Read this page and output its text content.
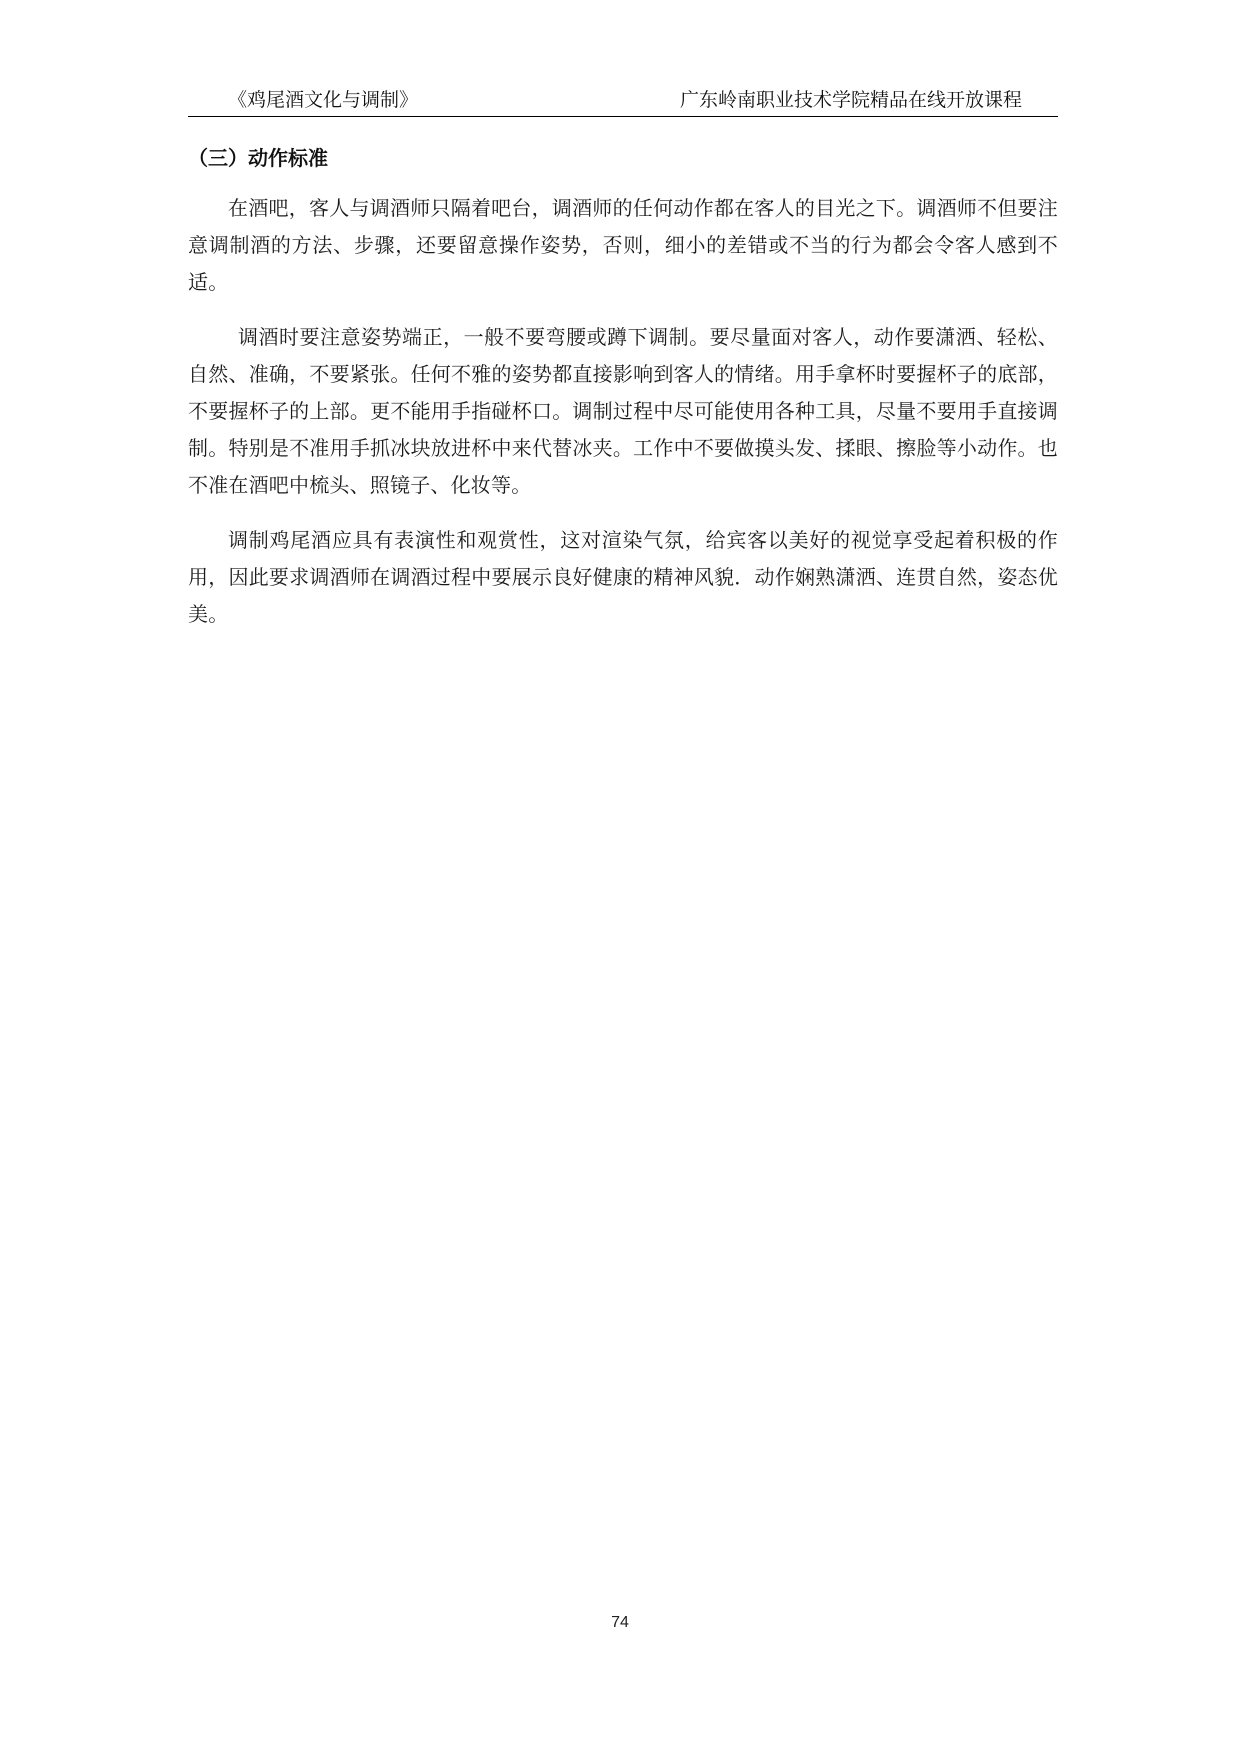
《鸡尾酒文化与调制》	广东岭南职业技术学院精品在线开放课程
（三）动作标准

在酒吧，客人与调酒师只隔着吧台，调酒师的任何动作都在客人的目光之下。调酒师不但要注意调制酒的方法、步骤，还要留意操作姿势，否则，细小的差错或不当的行为都会令客人感到不适。

调酒时要注意姿势端正，一般不要弯腰或蹲下调制。要尽量面对客人，动作要潇洒、轻松、自然、准确，不要紧张。任何不雅的姿势都直接影响到客人的情绪。用手拿杯时要握杯子的底部，不要握杯子的上部。更不能用手指碰杯口。调制过程中尽可能使用各种工具，尽量不要用手直接调制。特别是不准用手抓冰块放进杯中来代替冰夹。工作中不要做摸头发、揉眼、擦脸等小动作。也不准在酒吧中梳头、照镜子、化妆等。

调制鸡尾酒应具有表演性和观赏性，这对渲染气氛，给宾客以美好的视觉享受起着积极的作用，因此要求调酒师在调酒过程中要展示良好健康的精神风貌．动作娴熟潇洒、连贯自然，姿态优美。

74
